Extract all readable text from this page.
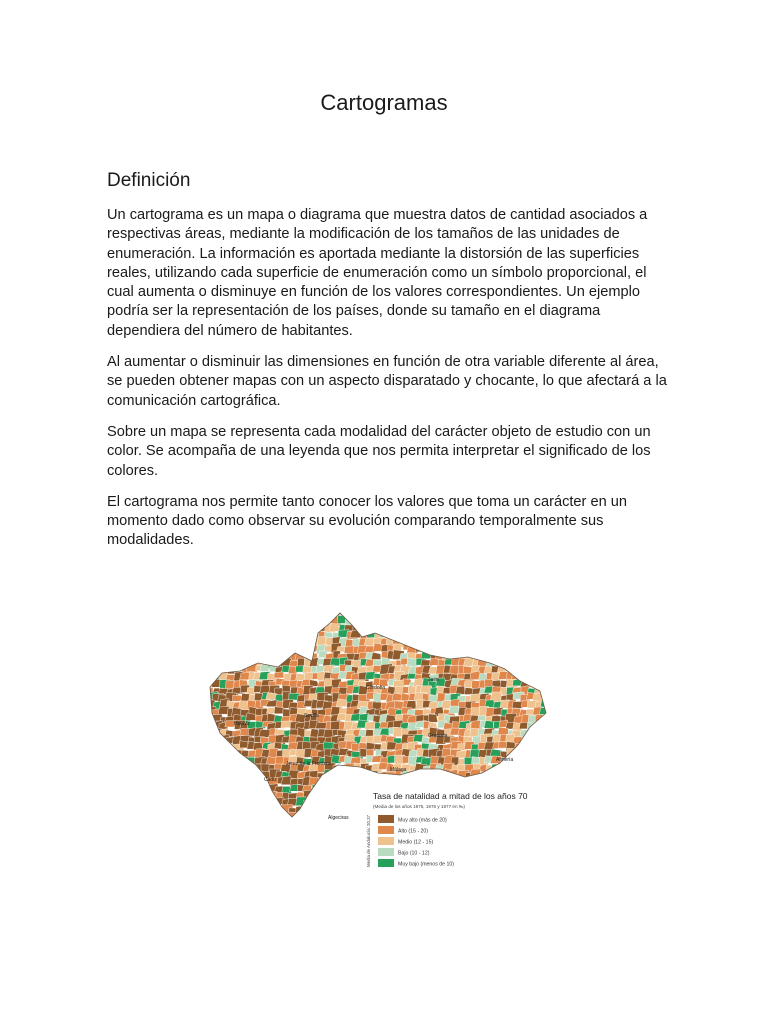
Cartogramas
Definición

Un cartograma es un mapa o diagrama que muestra datos de cantidad asociados a respectivas áreas, mediante la modificación de los tamaños de las unidades de enumeración. La información es aportada mediante la distorsión de las superficies reales, utilizando cada superficie de enumeración como un símbolo proporcional, el cual aumenta o disminuye en función de los valores correspondientes. Un ejemplo podría ser la representación de los países, donde su tamaño en el diagrama dependiera del número de habitantes.

Al aumentar o disminuir las dimensiones en función de otra variable diferente al área, se pueden obtener mapas con un aspecto disparatado y chocante, lo que afectará a la comunicación cartográfica.

Sobre un mapa se representa cada modalidad del carácter objeto de estudio con un color. Se acompaña de una leyenda que nos permita interpretar el significado de los colores.

El cartograma nos permite tanto conocer los valores que toma un carácter en un momento dado como observar su evolución comparando temporalmente sus modalidades.

Córdoba
Jaén
Granada
Almería
Málaga
Sevilla
Huelva
Cádiz
Jerez de la Frontera
Algeciras
Tasa de natalidad a mitad de los años 70
(Media de los años 1975, 1976 y 1977 en ‰)
Media de Andalucía: 20,37	Muy alto (más de 20)
Alto (15 - 20)
Medio (12 - 15)
Bajo (10 - 12)
Muy bajo (menos de 10)
